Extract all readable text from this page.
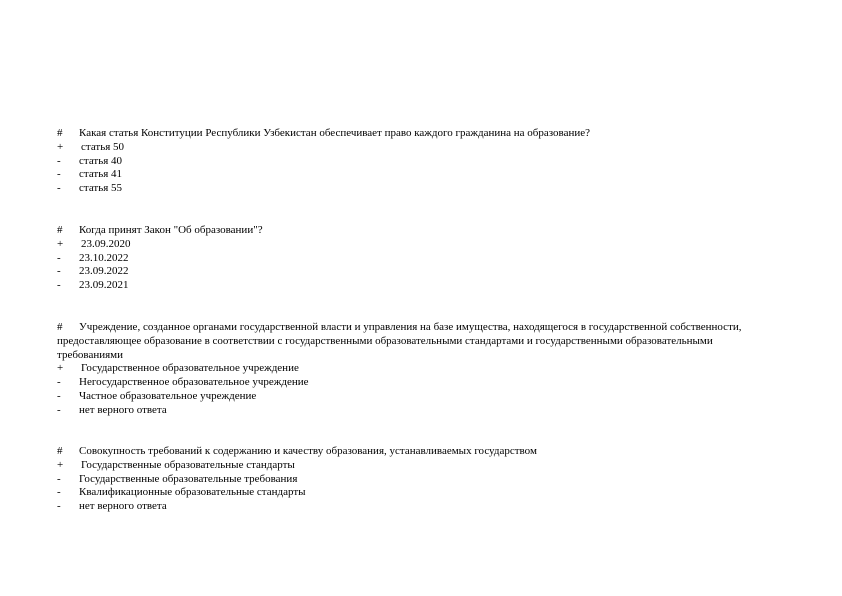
# Какая статья Конституции Республики Узбекистан обеспечивает право каждого гражданина на образование?
+ статья 50
- статья 40
- статья 41
- статья 55
# Когда принят Закон "Об образовании"?
+ 23.09.2020
- 23.10.2022
- 23.09.2022
- 23.09.2021
# Учреждение, созданное органами государственной власти и управления на базе имущества, находящегося в государственной собственности, предоставляющее образование в соответствии с государственными образовательными стандартами и государственными образовательными требованиями
+ Государственное образовательное учреждение
- Негосударственное образовательное учреждение
- Частное образовательное учреждение
- нет верного ответа
# Совокупность требований к содержанию и качеству образования, устанавливаемых государством
+ Государственные образовательные стандарты
- Государственные образовательные требования
- Квалификационные образовательные стандарты
- нет верного ответа
